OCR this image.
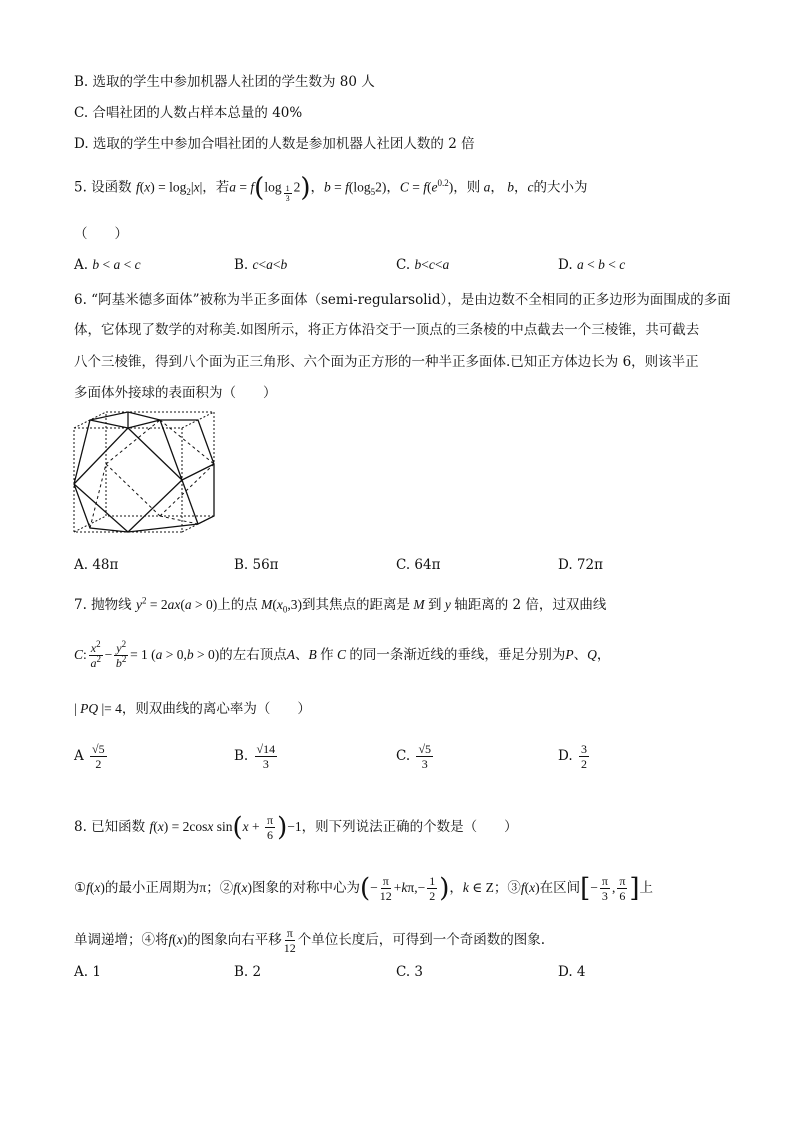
B. 选取的学生中参加机器人社团的学生数为 80 人
C. 合唱社团的人数占样本总量的 40%
D. 选取的学生中参加合唱社团的人数是参加机器人社团人数的 2 倍
5. 设函数 $f(x) = \log_2|x|$，若a = f(log $_{\frac{1}{3}}$ 2)，$b = f(\log_52)$，$C = f(e^{0.2})$，则 a， b，c的大小为
（　　）
A. b < a < c	B. c<a<b	C. b<c<a	D. a < b < c
6. “阿基米德多面体”被称为半正多面体（semi-regularsolid），是由边数不全相同的正多边形为面围成的多面
体，它体现了数学的对称美.如图所示，将正方体沿交于一顶点的三条棱的中点截去一个三棱锥，共可截去
八个三棱锥，得到八个面为正三角形、六个面为正方形的一种半正多面体.已知正方体边长为 6，则该半正
多面体外接球的表面积为（　　）
A. 48π	B. 56π	C. 64π	D. 72π
7. 抛物线 $y^2 = 2ax(a > 0)$上的点 $M(x_0,3)$到其焦点的距离是 M 到 y 轴距离的 2 倍，过双曲线
C: $\frac{x^2}{a^2} - \frac{y^2}{b^2} = 1$ (a > 0,b > 0)的左右顶点A、B 作 C 的同一条渐近线的垂线，垂足分别为P、Q，
| PQ |= 4，则双曲线的离心率为（　　）
A $\frac{√5}{2}$	B. $\frac{√14}{3}$	C. $\frac{√5}{3}$	D. $\frac{3}{2}$
8. 已知函数 f(x) = 2cosx $\sin(x + \frac{\pi}{6} )-1$，则下列说法正确的个数是（　　）
①f(x)的最小正周期为π；②f(x)图象的对称中心为(− $\frac{\pi}{12} +k\pi,- \frac{1}{2}$ )，k ∈ Z；③f(x)在区间[− $\frac{\pi}{3}$ , $\frac{\pi}{6}$ ]上
单调递增；④将f(x)的图象向右平移 $\frac{\pi}{12}$ 个单位长度后，可得到一个奇函数的图象.
A. 1	B. 2	C. 3	D. 4
